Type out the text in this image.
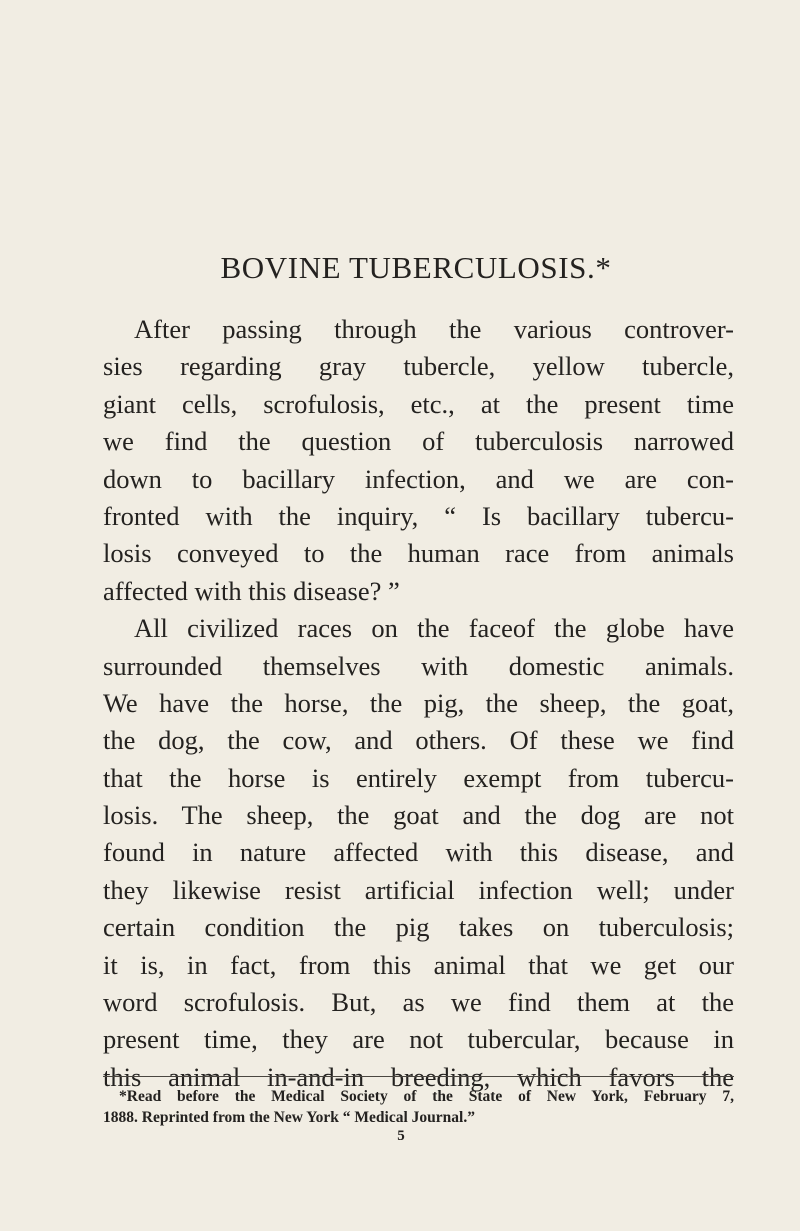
BOVINE TUBERCULOSIS.*
After passing through the various controver-
sies regarding gray tubercle, yellow tubercle,
giant cells, scrofulosis, etc., at the present time
we find the question of tuberculosis narrowed
down to bacillary infection, and we are con-
fronted with the inquiry, “ Is bacillary tubercu-
losis conveyed to the human race from animals
affected with this disease? ”
All civilized races on the faceof the globe have
surrounded themselves with domestic animals.
We have the horse, the pig, the sheep, the goat,
the dog, the cow, and others. Of these we find
that the horse is entirely exempt from tubercu-
losis. The sheep, the goat and the dog are not
found in nature affected with this disease, and
they likewise resist artificial infection well; under
certain condition the pig takes on tuberculosis;
it is, in fact, from this animal that we get our
word scrofulosis. But, as we find them at the
present time, they are not tubercular, because in
this animal in-and-in breeding, which favors the
*Read before the Medical Society of the State of New York, February 7,
1888. Reprinted from the New York “ Medical Journal.”
5
